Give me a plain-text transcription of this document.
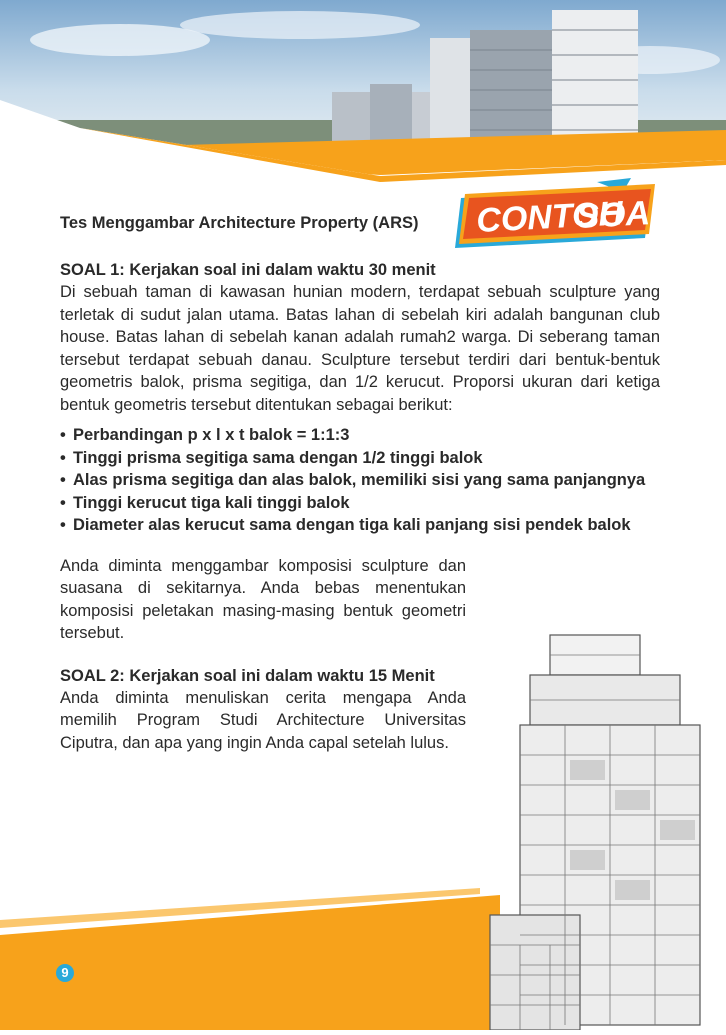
CONTOH
SOAL

Tes Menggambar Architecture Property (ARS)

SOAL 1: Kerjakan soal ini dalam waktu 30 menit

Di sebuah taman di kawasan hunian modern, terdapat sebuah sculpture yang terletak di sudut jalan utama. Batas lahan di sebelah kiri adalah bangunan club house. Batas lahan di sebelah kanan adalah rumah2 warga. Di seberang taman tersebut terdapat sebuah danau. Sculpture tersebut terdiri dari bentuk-bentuk geometris balok, prisma segitiga, dan 1/2 kerucut. Proporsi ukuran dari ketiga bentuk geometris tersebut ditentukan sebagai berikut:

• Perbandingan p x l x t balok = 1:1:3
• Tinggi prisma segitiga sama dengan 1/2 tinggi balok
• Alas prisma segitiga dan alas balok, memiliki sisi yang sama panjangnya
• Tinggi kerucut tiga kali tinggi balok
• Diameter alas kerucut sama dengan tiga kali panjang sisi pendek balok

Anda diminta menggambar komposisi sculpture dan suasana di sekitarnya. Anda bebas menentukan komposisi peletakan masing-masing bentuk geometri tersebut.

SOAL 2: Kerjakan soal ini dalam waktu 15 Menit

Anda diminta menuliskan cerita mengapa Anda memilih Program Studi Architecture Universitas Ciputra, dan apa yang ingin Anda capal setelah lulus.

9
